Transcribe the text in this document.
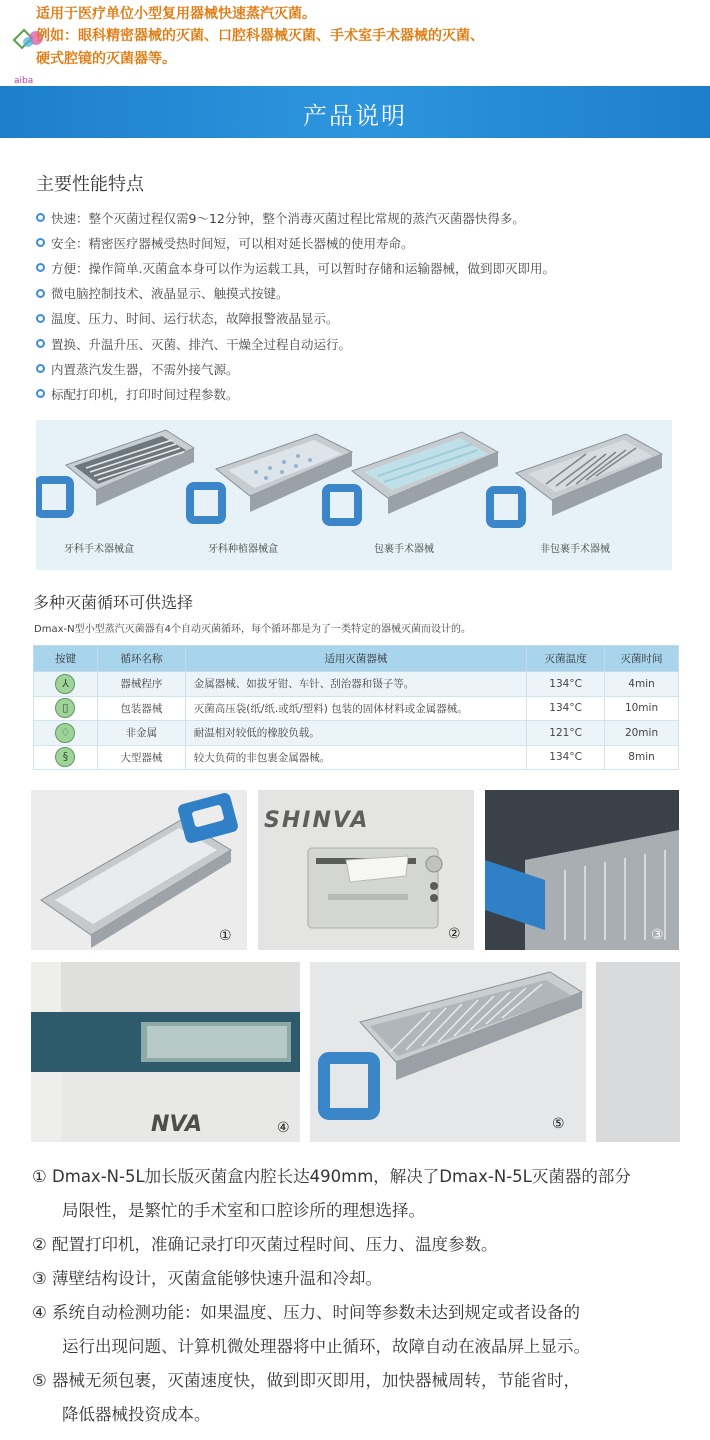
aiba
适用于医疗单位小型复用器械快速蒸汽灭菌。
例如：眼科精密器械的灭菌、口腔科器械灭菌、手术室手术器械的灭菌、
硬式腔镜的灭菌器等。
产品说明
主要性能特点
快速：整个灭菌过程仅需9～12分钟，整个消毒灭菌过程比常规的蒸汽灭菌器快得多。
安全：精密医疗器械受热时间短，可以相对延长器械的使用寿命。
方便：操作简单.灭菌盒本身可以作为运载工具，可以暂时存储和运输器械，做到即灭即用。
微电脑控制技术、液晶显示、触摸式按键。
温度、压力、时间、运行状态，故障报警液晶显示。
置换、升温升压、灭菌、排汽、干燥全过程自动运行。
内置蒸汽发生器，不需外接气源。
标配打印机，打印时间过程参数。
牙科手术器械盒	牙科种植器械盒	包裹手术器械	非包裹手术器械
多种灭菌循环可供选择
Dmax-N型小型蒸汽灭菌器有4个自动灭菌循环，每个循环都是为了一类特定的器械灭菌而设计的。
按键	循环名称	适用灭菌器械	灭菌温度	灭菌时间

⅄	器械程序	金属器械、如拔牙钳、车针、刮治器和镊子等。	134°C	4min

▯	包装器械	灭菌高压袋(纸/纸.或纸/塑料) 包装的固体材料或金属器械。	134°C	10min

♢	非金属	耐温相对较低的橡胶负载。	121°C	20min

§	大型器械	较大负荷的非包裹金属器械。	134°C	8min
①
SHINVA
②	③
NVA	④	⑤
① Dmax-N-5L加长版灭菌盒内腔长达490mm，解决了Dmax-N-5L灭菌器的部分
局限性，是繁忙的手术室和口腔诊所的理想选择。
② 配置打印机，准确记录打印灭菌过程时间、压力、温度参数。
③ 薄壁结构设计，灭菌盒能够快速升温和冷却。
④ 系统自动检测功能：如果温度、压力、时间等参数未达到规定或者设备的
运行出现问题、计算机微处理器将中止循环，故障自动在液晶屏上显示。
⑤ 器械无须包裹，灭菌速度快，做到即灭即用，加快器械周转，节能省时，
降低器械投资成本。
